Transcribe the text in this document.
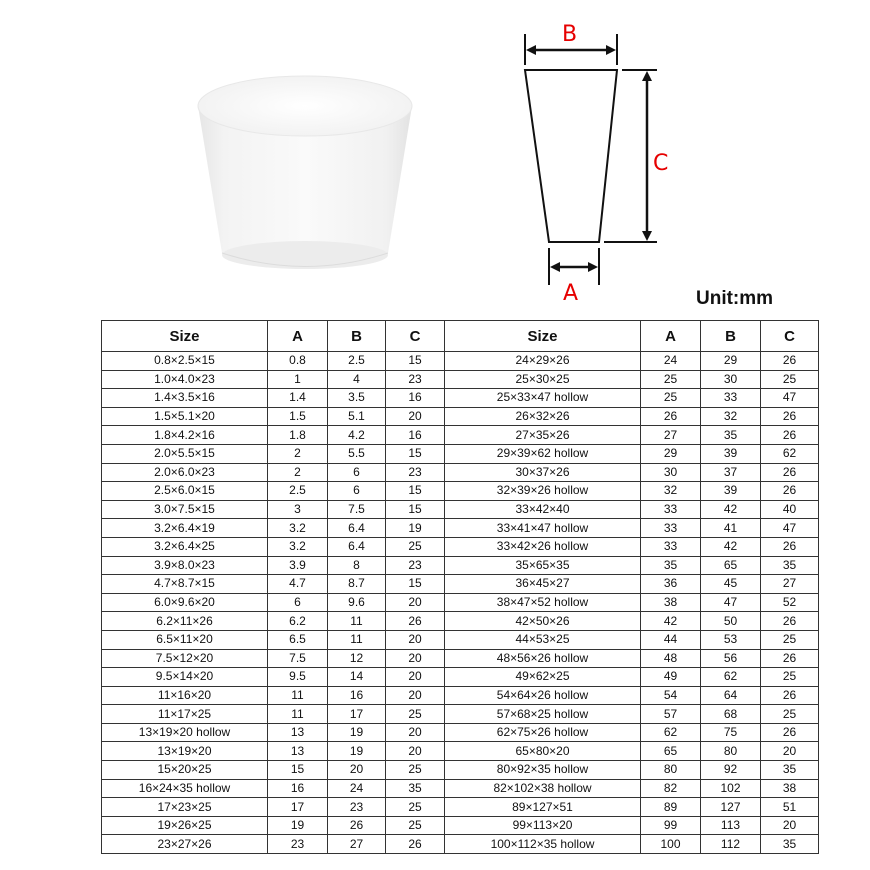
B
C
A	Unit:mm
Size	A	B	C	Size	A	B	C
0.8×2.5×15	0.8	2.5	15	24×29×26	24	29	26
1.0×4.0×23	1	4	23	25×30×25	25	30	25
1.4×3.5×16	1.4	3.5	16	25×33×47 hollow	25	33	47
1.5×5.1×20	1.5	5.1	20	26×32×26	26	32	26
1.8×4.2×16	1.8	4.2	16	27×35×26	27	35	26
2.0×5.5×15	2	5.5	15	29×39×62 hollow	29	39	62
2.0×6.0×23	2	6	23	30×37×26	30	37	26
2.5×6.0×15	2.5	6	15	32×39×26 hollow	32	39	26
3.0×7.5×15	3	7.5	15	33×42×40	33	42	40
3.2×6.4×19	3.2	6.4	19	33×41×47 hollow	33	41	47
3.2×6.4×25	3.2	6.4	25	33×42×26 hollow	33	42	26
3.9×8.0×23	3.9	8	23	35×65×35	35	65	35
4.7×8.7×15	4.7	8.7	15	36×45×27	36	45	27
6.0×9.6×20	6	9.6	20	38×47×52 hollow	38	47	52
6.2×11×26	6.2	11	26	42×50×26	42	50	26
6.5×11×20	6.5	11	20	44×53×25	44	53	25
7.5×12×20	7.5	12	20	48×56×26 hollow	48	56	26
9.5×14×20	9.5	14	20	49×62×25	49	62	25
11×16×20	11	16	20	54×64×26 hollow	54	64	26
11×17×25	11	17	25	57×68×25 hollow	57	68	25
13×19×20 hollow	13	19	20	62×75×26 hollow	62	75	26
13×19×20	13	19	20	65×80×20	65	80	20
15×20×25	15	20	25	80×92×35 hollow	80	92	35
16×24×35 hollow	16	24	35	82×102×38 hollow	82	102	38
17×23×25	17	23	25	89×127×51	89	127	51
19×26×25	19	26	25	99×113×20	99	113	20
23×27×26	23	27	26	100×112×35 hollow	100	112	35
